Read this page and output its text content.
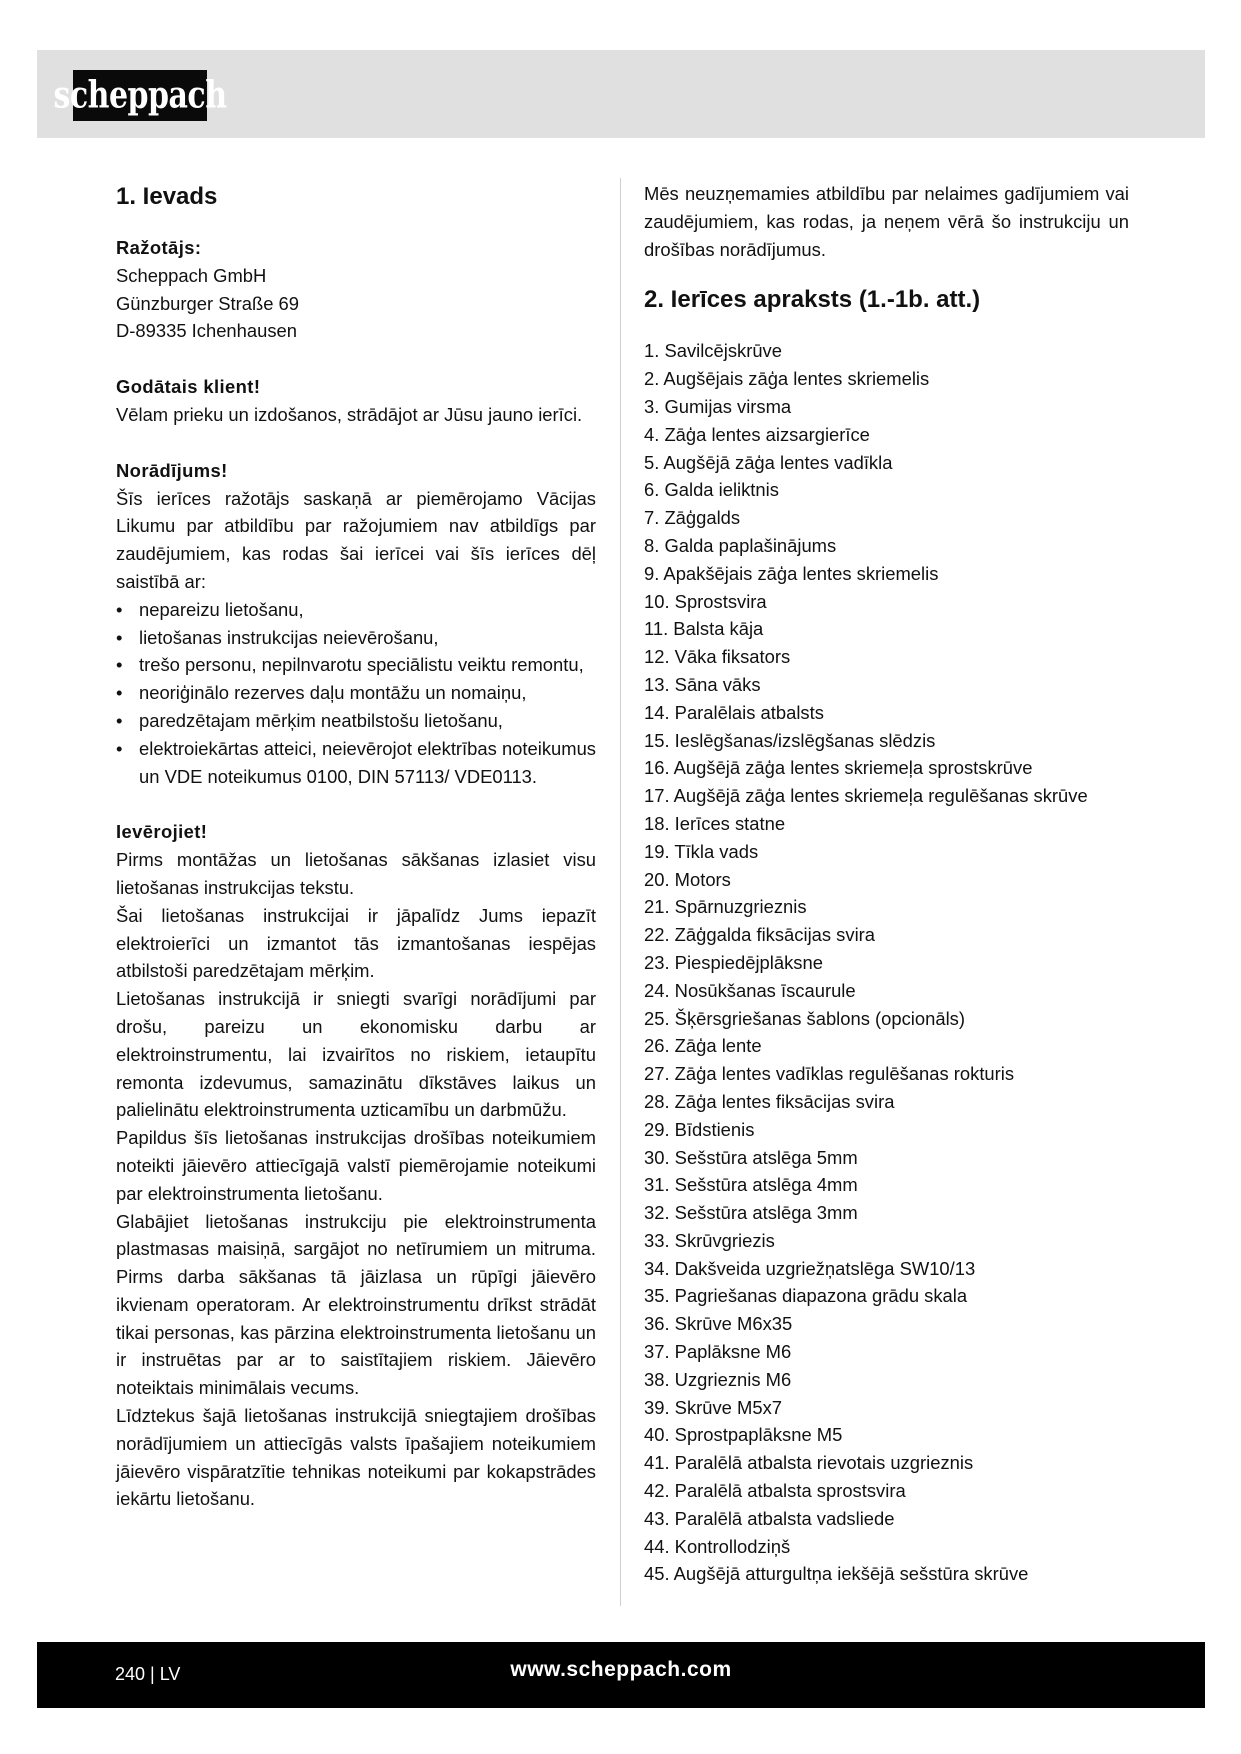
scheppach
1. Ievads
Ražotājs:
Scheppach GmbH
Günzburger Straße 69
D-89335 Ichenhausen
Godātais klient!

Vēlam prieku un izdošanos, strādājot ar Jūsu jauno ierīci.

Norādījums!

Šīs ierīces ražotājs saskaņā ar piemērojamo Vācijas Likumu par atbildību par ražojumiem nav atbildīgs par zaudējumiem, kas rodas šai ierīcei vai šīs ierīces dēļ saistībā ar:

• nepareizu lietošanu,
• lietošanas instrukcijas neievērošanu,
• trešo personu, nepilnvarotu speciālistu veiktu remontu,
• neoriģinālo rezerves daļu montāžu un nomaiņu,
• paredzētajam mērķim neatbilstošu lietošanu,
• elektroiekārtas atteici, neievērojot elektrības noteikumus un VDE noteikumus 0100, DIN 57113/ VDE0113.
Ievērojiet!

Pirms montāžas un lietošanas sākšanas izlasiet visu lietošanas instrukcijas tekstu.

Šai lietošanas instrukcijai ir jāpalīdz Jums iepazīt elektroierīci un izmantot tās izmantošanas iespējas atbilstoši paredzētajam mērķim.

Lietošanas instrukcijā ir sniegti svarīgi norādījumi par drošu, pareizu un ekonomisku darbu ar elektroinstrumentu, lai izvairītos no riskiem, ietaupītu remonta izdevumus, samazinātu dīkstāves laikus un palielinātu elektroinstrumenta uzticamību un darbmūžu.

Papildus šīs lietošanas instrukcijas drošības noteikumiem noteikti jāievēro attiecīgajā valstī piemērojamie noteikumi par elektroinstrumenta lietošanu.

Glabājiet lietošanas instrukciju pie elektroinstrumenta plastmasas maisiņā, sargājot no netīrumiem un mitruma. Pirms darba sākšanas tā jāizlasa un rūpīgi jāievēro ikvienam operatoram. Ar elektroinstrumentu drīkst strādāt tikai personas, kas pārzina elektroinstrumenta lietošanu un ir instruētas par ar to saistītajiem riskiem. Jāievēro noteiktais minimālais vecums.

Līdztekus šajā lietošanas instrukcijā sniegtajiem drošības norādījumiem un attiecīgās valsts īpašajiem noteikumiem jāievēro vispāratzītie tehnikas noteikumi par kokapstrādes iekārtu lietošanu.

Mēs neuzņemamies atbildību par nelaimes gadījumiem vai zaudējumiem, kas rodas, ja neņem vērā šo instrukciju un drošības norādījumus.

2. Ierīces apraksts (1.-1b. att.)
1. Savilcējskrūve
2. Augšējais zāģa lentes skriemelis
3. Gumijas virsma
4. Zāģa lentes aizsargierīce
5. Augšējā zāģa lentes vadīkla
6. Galda ieliktnis
7. Zāģgalds
8. Galda paplašinājums
9. Apakšējais zāģa lentes skriemelis
10. Sprostsvira
11. Balsta kāja
12. Vāka fiksators
13. Sāna vāks
14. Paralēlais atbalsts
15. Ieslēgšanas/izslēgšanas slēdzis
16. Augšējā zāģa lentes skriemeļa sprostskrūve
17. Augšējā zāģa lentes skriemeļa regulēšanas skrūve
18. Ierīces statne
19. Tīkla vads
20. Motors
21. Spārnuzgrieznis
22. Zāģgalda fiksācijas svira
23. Piespiedējplāksne
24. Nosūkšanas īscaurule
25. Šķērsgriešanas šablons (opcionāls)
26. Zāģa lente
27. Zāģa lentes vadīklas regulēšanas rokturis
28. Zāģa lentes fiksācijas svira
29. Bīdstienis
30. Sešstūra atslēga 5mm
31. Sešstūra atslēga 4mm
32. Sešstūra atslēga 3mm
33. Skrūvgriezis
34. Dakšveida uzgriežņatslēga SW10/13
35. Pagriešanas diapazona grādu skala
36. Skrūve M6x35
37. Paplāksne M6
38. Uzgrieznis M6
39. Skrūve M5x7
40. Sprostpaplāksne M5
41. Paralēlā atbalsta rievotais uzgrieznis
42. Paralēlā atbalsta sprostsvira
43. Paralēlā atbalsta vadsliede
44. Kontrollodziņš
45. Augšējā atturgultņa iekšējā sešstūra skrūve
240 | LV	www.scheppach.com
